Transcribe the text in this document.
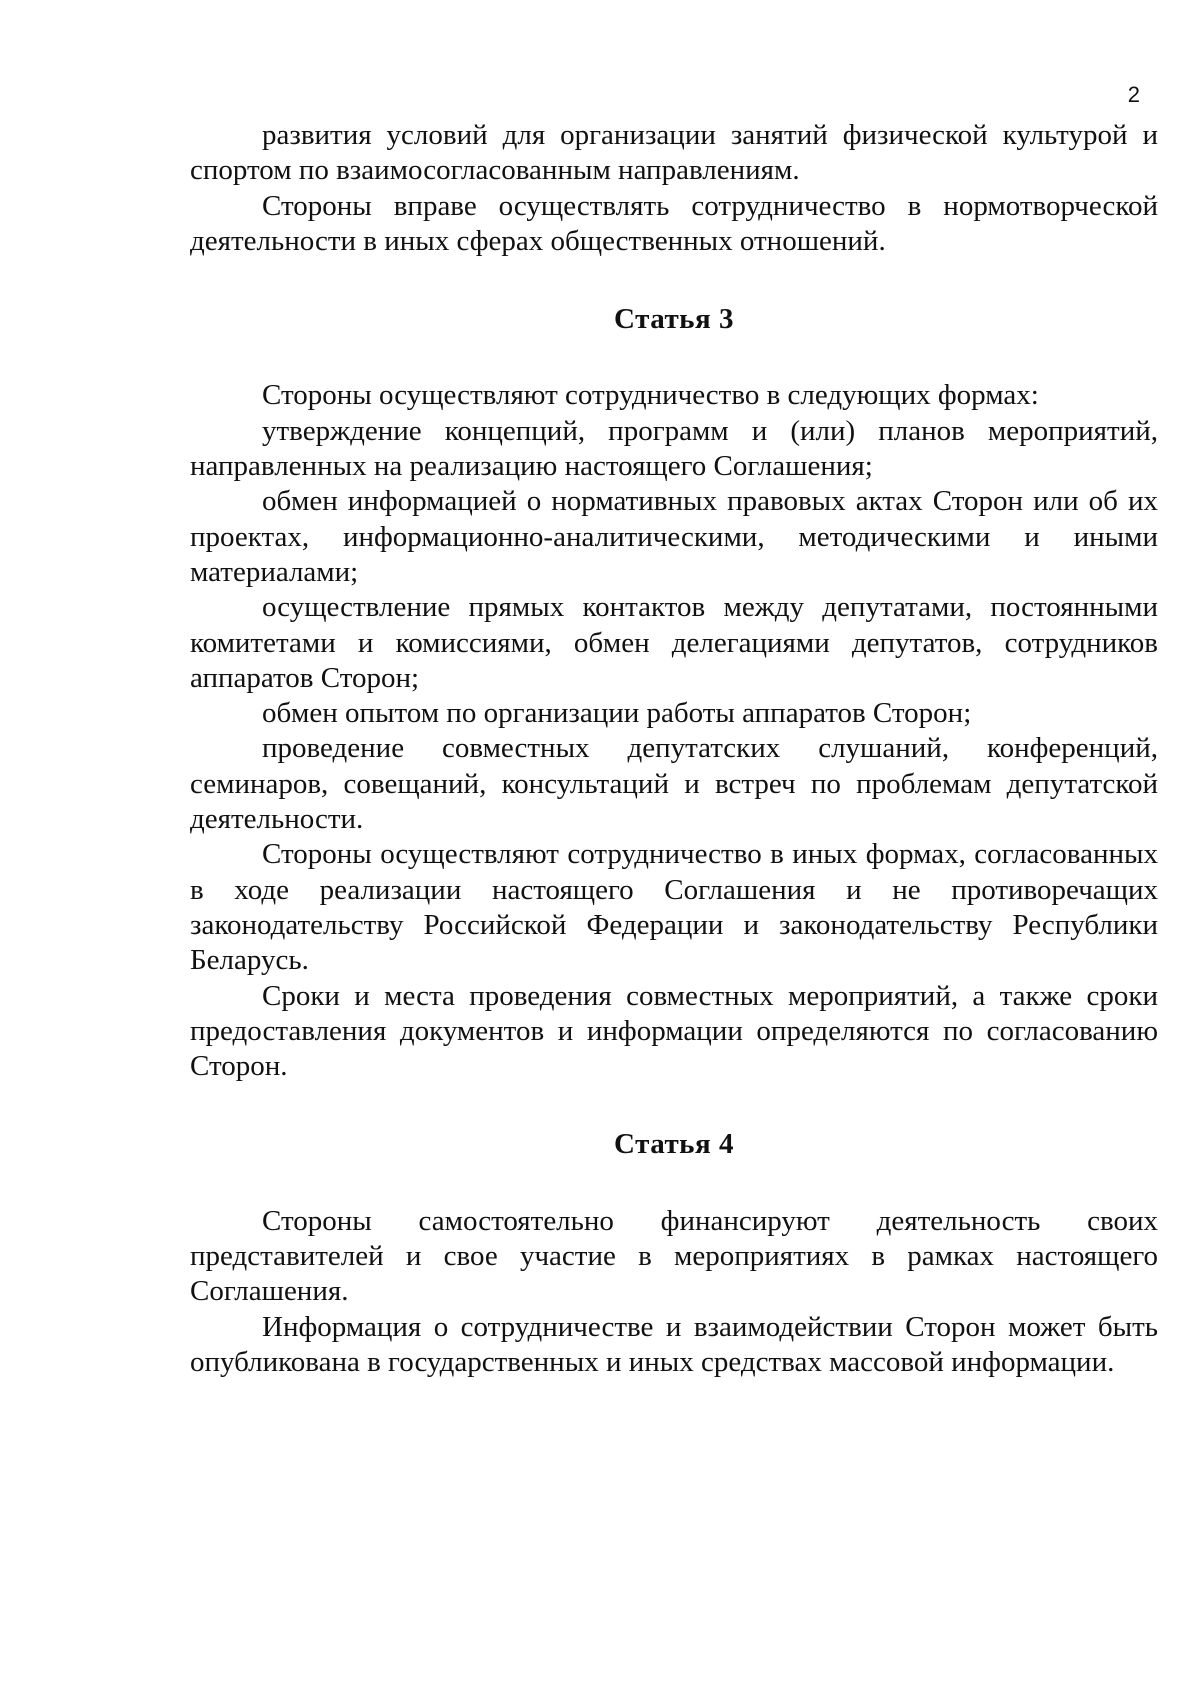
2

развития условий для организации занятий физической культурой и спортом по взаимосогласованным направлениям.

Стороны вправе осуществлять сотрудничество в нормотворческой деятельности в иных сферах общественных отношений.

Статья 3

Стороны осуществляют сотрудничество в следующих формах:

утверждение концепций, программ и (или) планов мероприятий, направленных на реализацию настоящего Соглашения;

обмен информацией о нормативных правовых актах Сторон или об их проектах, информационно-аналитическими, методическими и иными материалами;

осуществление прямых контактов между депутатами, постоянными комитетами и комиссиями, обмен делегациями депутатов, сотрудников аппаратов Сторон;

обмен опытом по организации работы аппаратов Сторон;

проведение совместных депутатских слушаний, конференций, семинаров, совещаний, консультаций и встреч по проблемам депутатской деятельности.

Стороны осуществляют сотрудничество в иных формах, согласованных в ходе реализации настоящего Соглашения и не противоречащих законодательству Российской Федерации и законодательству Республики Беларусь.

Сроки и места проведения совместных мероприятий, а также сроки предоставления документов и информации определяются по согласованию Сторон.

Статья 4

Стороны самостоятельно финансируют деятельность своих представителей и свое участие в мероприятиях в рамках настоящего Соглашения.

Информация о сотрудничестве и взаимодействии Сторон может быть опубликована в государственных и иных средствах массовой информации.
